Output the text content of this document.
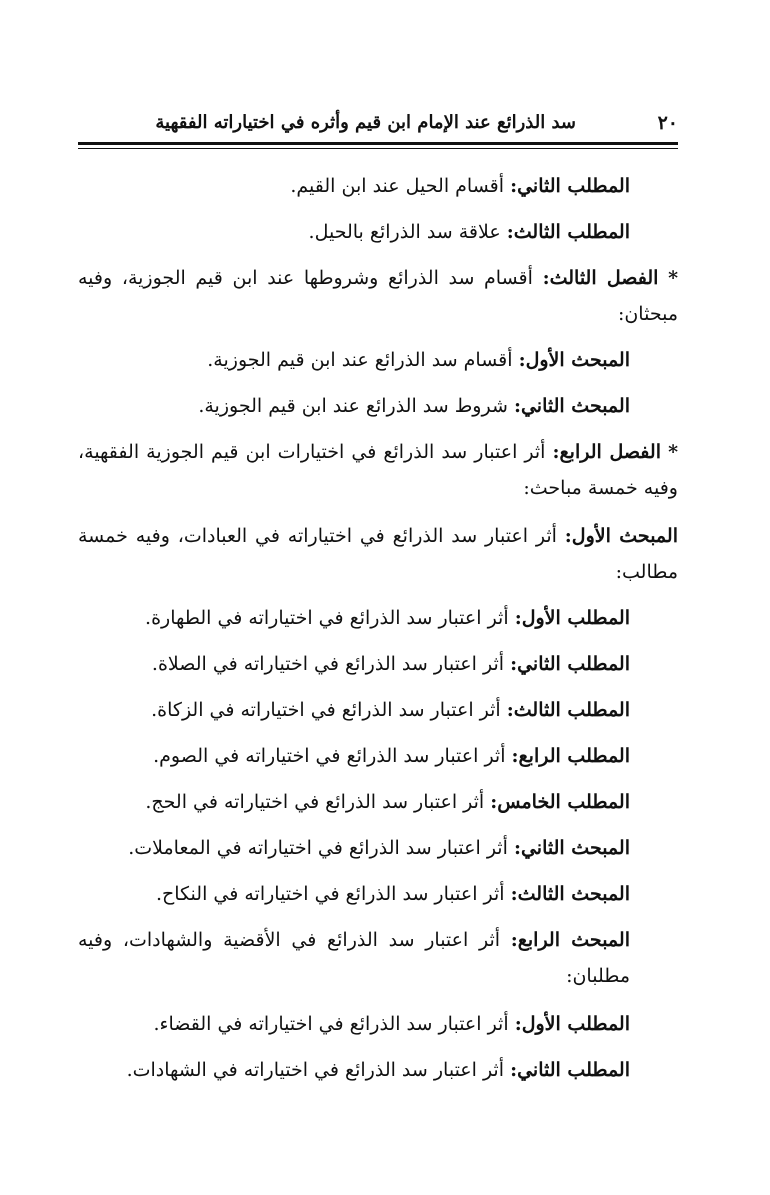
٢٠
سد الذرائع عند الإمام ابن قيم وأثره في اختياراته الفقهية
المطلب الثاني: أقسام الحيل عند ابن القيم.
المطلب الثالث: علاقة سد الذرائع بالحيل.
* الفصل الثالث: أقسام سد الذرائع وشروطها عند ابن قيم الجوزية، وفيه مبحثان:
المبحث الأول: أقسام سد الذرائع عند ابن قيم الجوزية.
المبحث الثاني: شروط سد الذرائع عند ابن قيم الجوزية.
* الفصل الرابع: أثر اعتبار سد الذرائع في اختيارات ابن قيم الجوزية الفقهية، وفيه خمسة مباحث:
المبحث الأول: أثر اعتبار سد الذرائع في اختياراته في العبادات، وفيه خمسة مطالب:
المطلب الأول: أثر اعتبار سد الذرائع في اختياراته في الطهارة.
المطلب الثاني: أثر اعتبار سد الذرائع في اختياراته في الصلاة.
المطلب الثالث: أثر اعتبار سد الذرائع في اختياراته في الزكاة.
المطلب الرابع: أثر اعتبار سد الذرائع في اختياراته في الصوم.
المطلب الخامس: أثر اعتبار سد الذرائع في اختياراته في الحج.
المبحث الثاني: أثر اعتبار سد الذرائع في اختياراته في المعاملات.
المبحث الثالث: أثر اعتبار سد الذرائع في اختياراته في النكاح.
المبحث الرابع: أثر اعتبار سد الذرائع في الأقضية والشهادات، وفيه مطلبان:
المطلب الأول: أثر اعتبار سد الذرائع في اختياراته في القضاء.
المطلب الثاني: أثر اعتبار سد الذرائع في اختياراته في الشهادات.
